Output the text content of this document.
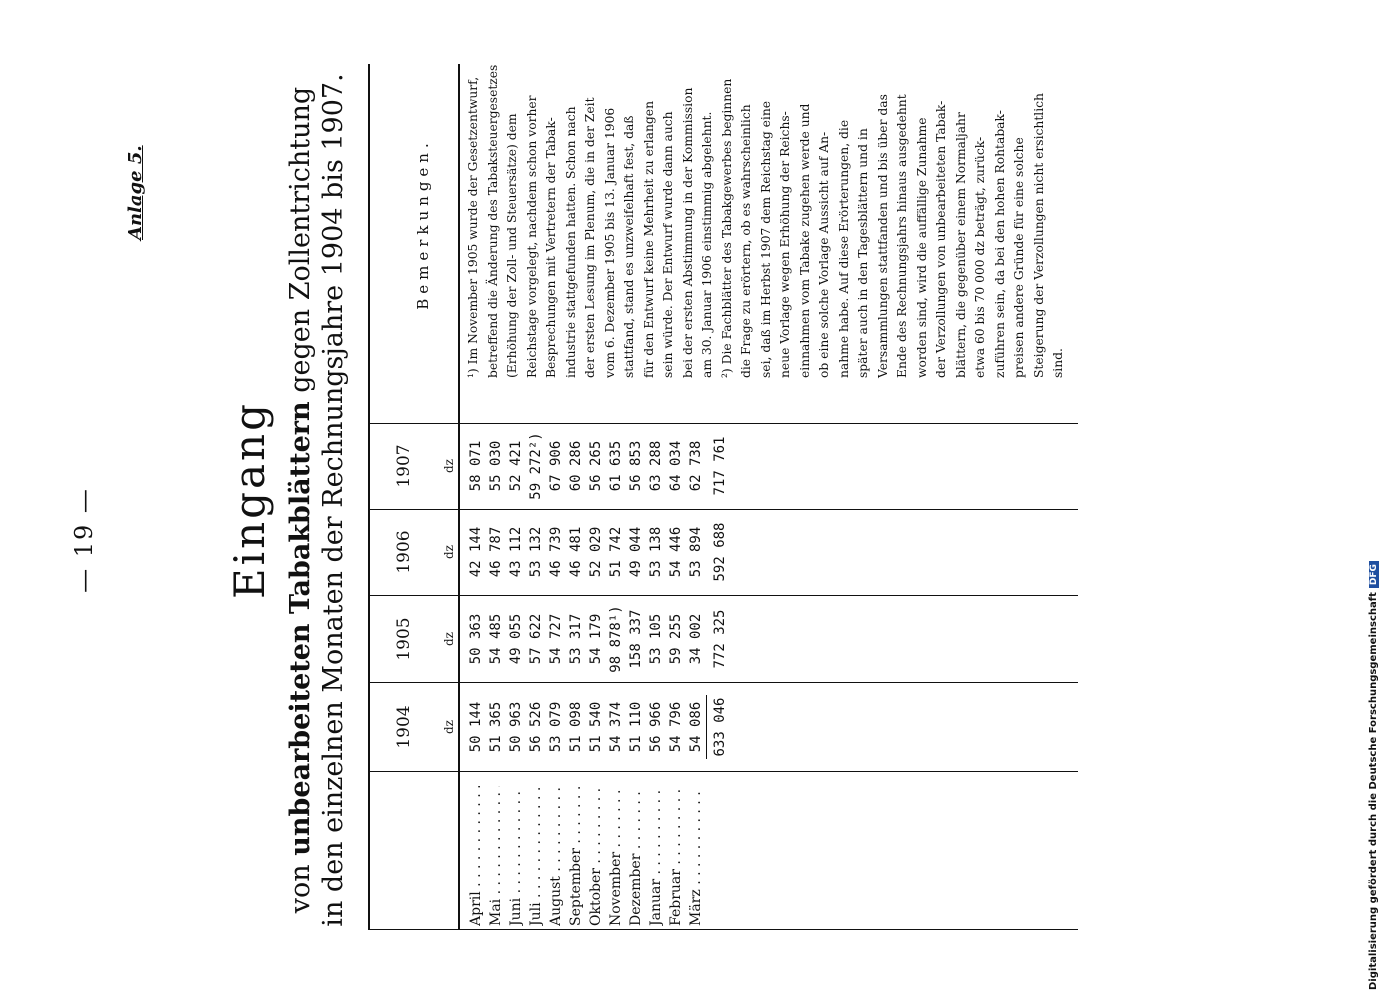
— 19 —
Anlage 5.
Eingang
von unbearbeiteten Tabakblättern gegen Zollentrichtung in den einzelnen Monaten der Rechnungsjahre 1904 bis 1907.	1904
1905
1906
1907
dz
dz
dz
dz
Bemerkungen.
April . . .
50 144
50 363
42 144
58 071
Mai . . .
51 365
54 485
46 787
55 030
Juni . . .
50 963
49 055
43 112
52 421
Juli . . .
56 526
57 622
53 132
59 272²)
August . . .
53 079
54 727
46 739
67 906
September . . .
51 098
53 317
46 481
60 286
Oktober . . .
51 540
54 179
52 029
56 265
November . . .
54 374
98 878¹)
51 742
61 635
Dezember . . .
51 110
158 337
49 044
56 853
Januar . . .
56 966
53 105
53 138
63 288
Februar . . .
54 796
59 255
54 446
64 034
März . . .
54 086
34 002
53 894
62 738
633 046
772 325
592 688
717 761
¹) Im November 1905 wurde der Gesetzentwurf, betreffend die Änderung des Tabaksteuergesetzes (Erhöhung der Zoll- und Steuersätze) dem Reichstage vorgelegt, nachdem schon vorher Besprechungen mit Vertretern der Tabak- industrie stattgefunden hatten. Schon nach der ersten Lesung im Plenum, die in der Zeit vom 6. Dezember 1905 bis 13. Januar 1906 stattfand, stand es unzweifelhaft fest, daß für den Entwurf keine Mehrheit zu erlangen sein würde. Der Entwurf wurde dann auch bei der ersten Abstimmung in der Kommission am 30. Januar 1906 einstimmig abgelehnt. ²) Die Fachblätter des Tabakgewerbes beginnen die Frage zu erörtern, ob es wahrscheinlich sei, daß im Herbst 1907 dem Reichstag eine neue Vorlage wegen Erhöhung der Reichs- einnahmen vom Tabake zugehen werde und ob eine solche Vorlage Aussicht auf An- nahme habe. Auf diese Erörterungen, die später auch in den Tagesblättern und in Versammlungen stattfanden und bis über das Ende des Rechnungsjahrs hinaus ausgedehnt worden sind, wird die auffällige Zunahme der Verzollungen von unbearbeiteten Tabak- blättern, die gegenüber einem Normaljahr etwa 60 bis 70 000 dz beträgt, zurück- zuführen sein, da bei den hohen Rohtabak- preisen andere Gründe für eine solche Steigerung der Verzollungen nicht ersichtlich sind.
Digitalisierung gefördert durch die Deutsche ForschungsgemeinschaftDFG
